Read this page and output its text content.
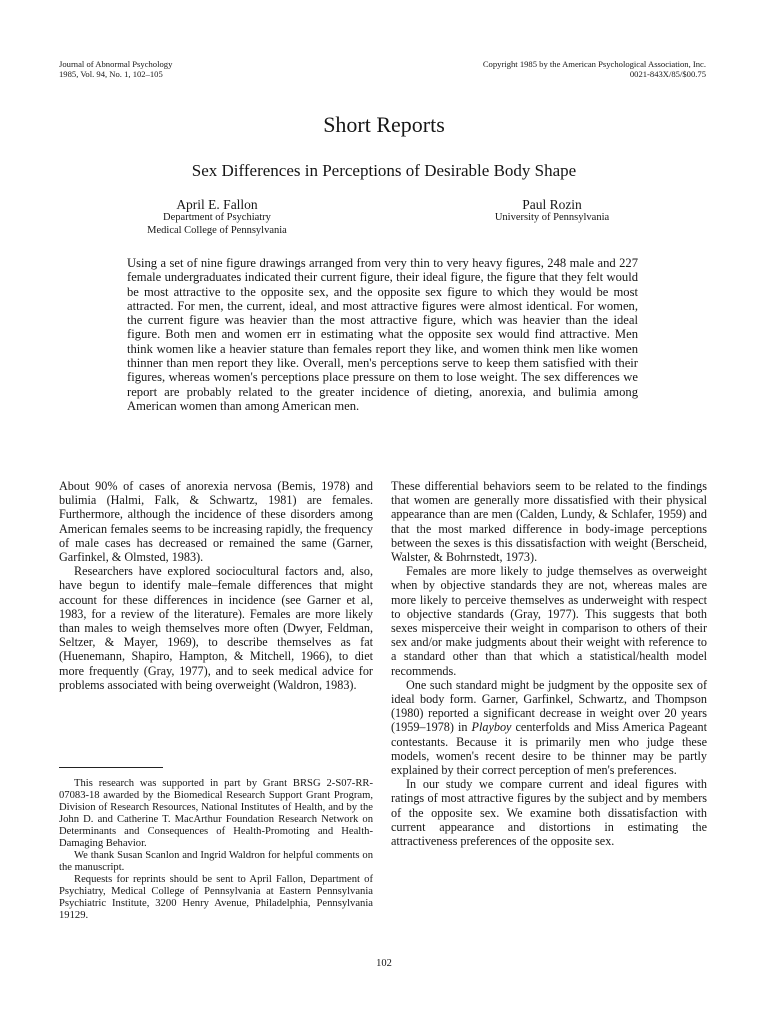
Journal of Abnormal Psychology
1985, Vol. 94, No. 1, 102–105
Copyright 1985 by the American Psychological Association, Inc.
0021-843X/85/$00.75
Short Reports
Sex Differences in Perceptions of Desirable Body Shape
April E. Fallon
Department of Psychiatry
Medical College of Pennsylvania
Paul Rozin
University of Pennsylvania
Using a set of nine figure drawings arranged from very thin to very heavy figures, 248 male and 227 female undergraduates indicated their current figure, their ideal figure, the figure that they felt would be most attractive to the opposite sex, and the opposite sex figure to which they would be most attracted. For men, the current, ideal, and most attractive figures were almost identical. For women, the current figure was heavier than the most attractive figure, which was heavier than the ideal figure. Both men and women err in estimating what the opposite sex would find attractive. Men think women like a heavier stature than females report they like, and women think men like women thinner than men report they like. Overall, men's perceptions serve to keep them satisfied with their figures, whereas women's perceptions place pressure on them to lose weight. The sex differences we report are probably related to the greater incidence of dieting, anorexia, and bulimia among American women than among American men.

About 90% of cases of anorexia nervosa (Bemis, 1978) and bulimia (Halmi, Falk, & Schwartz, 1981) are females. Furthermore, although the incidence of these disorders among American females seems to be increasing rapidly, the frequency of male cases has decreased or remained the same (Garner, Garfinkel, & Olmsted, 1983).

Researchers have explored sociocultural factors and, also, have begun to identify male–female differences that might account for these differences in incidence (see Garner et al, 1983, for a review of the literature). Females are more likely than males to weigh themselves more often (Dwyer, Feldman, Seltzer, & Mayer, 1969), to describe themselves as fat (Huenemann, Shapiro, Hampton, & Mitchell, 1966), to diet more frequently (Gray, 1977), and to seek medical advice for problems associated with being overweight (Waldron, 1983).

This research was supported in part by Grant BRSG 2-S07-RR-07083-18 awarded by the Biomedical Research Support Grant Program, Division of Research Resources, National Institutes of Health, and by the John D. and Catherine T. MacArthur Foundation Research Network on Determinants and Consequences of Health-Promoting and Health-Damaging Behavior.

We thank Susan Scanlon and Ingrid Waldron for helpful comments on the manuscript.

Requests for reprints should be sent to April Fallon, Department of Psychiatry, Medical College of Pennsylvania at Eastern Pennsylvania Psychiatric Institute, 3200 Henry Avenue, Philadelphia, Pennsylvania 19129.

These differential behaviors seem to be related to the findings that women are generally more dissatisfied with their physical appearance than are men (Calden, Lundy, & Schlafer, 1959) and that the most marked difference in body-image perceptions between the sexes is this dissatisfaction with weight (Berscheid, Walster, & Bohrnstedt, 1973).

Females are more likely to judge themselves as overweight when by objective standards they are not, whereas males are more likely to perceive themselves as underweight with respect to objective standards (Gray, 1977). This suggests that both sexes misperceive their weight in comparison to others of their sex and/or make judgments about their weight with reference to a standard other than that which a statistical/health model recommends.

One such standard might be judgment by the opposite sex of ideal body form. Garner, Garfinkel, Schwartz, and Thompson (1980) reported a significant decrease in weight over 20 years (1959–1978) in Playboy centerfolds and Miss America Pageant contestants. Because it is primarily men who judge these models, women's recent desire to be thinner may be partly explained by their correct perception of men's preferences.

In our study we compare current and ideal figures with ratings of most attractive figures by the subject and by members of the opposite sex. We examine both dissatisfaction with current appearance and distortions in estimating the attractiveness preferences of the opposite sex.

102
